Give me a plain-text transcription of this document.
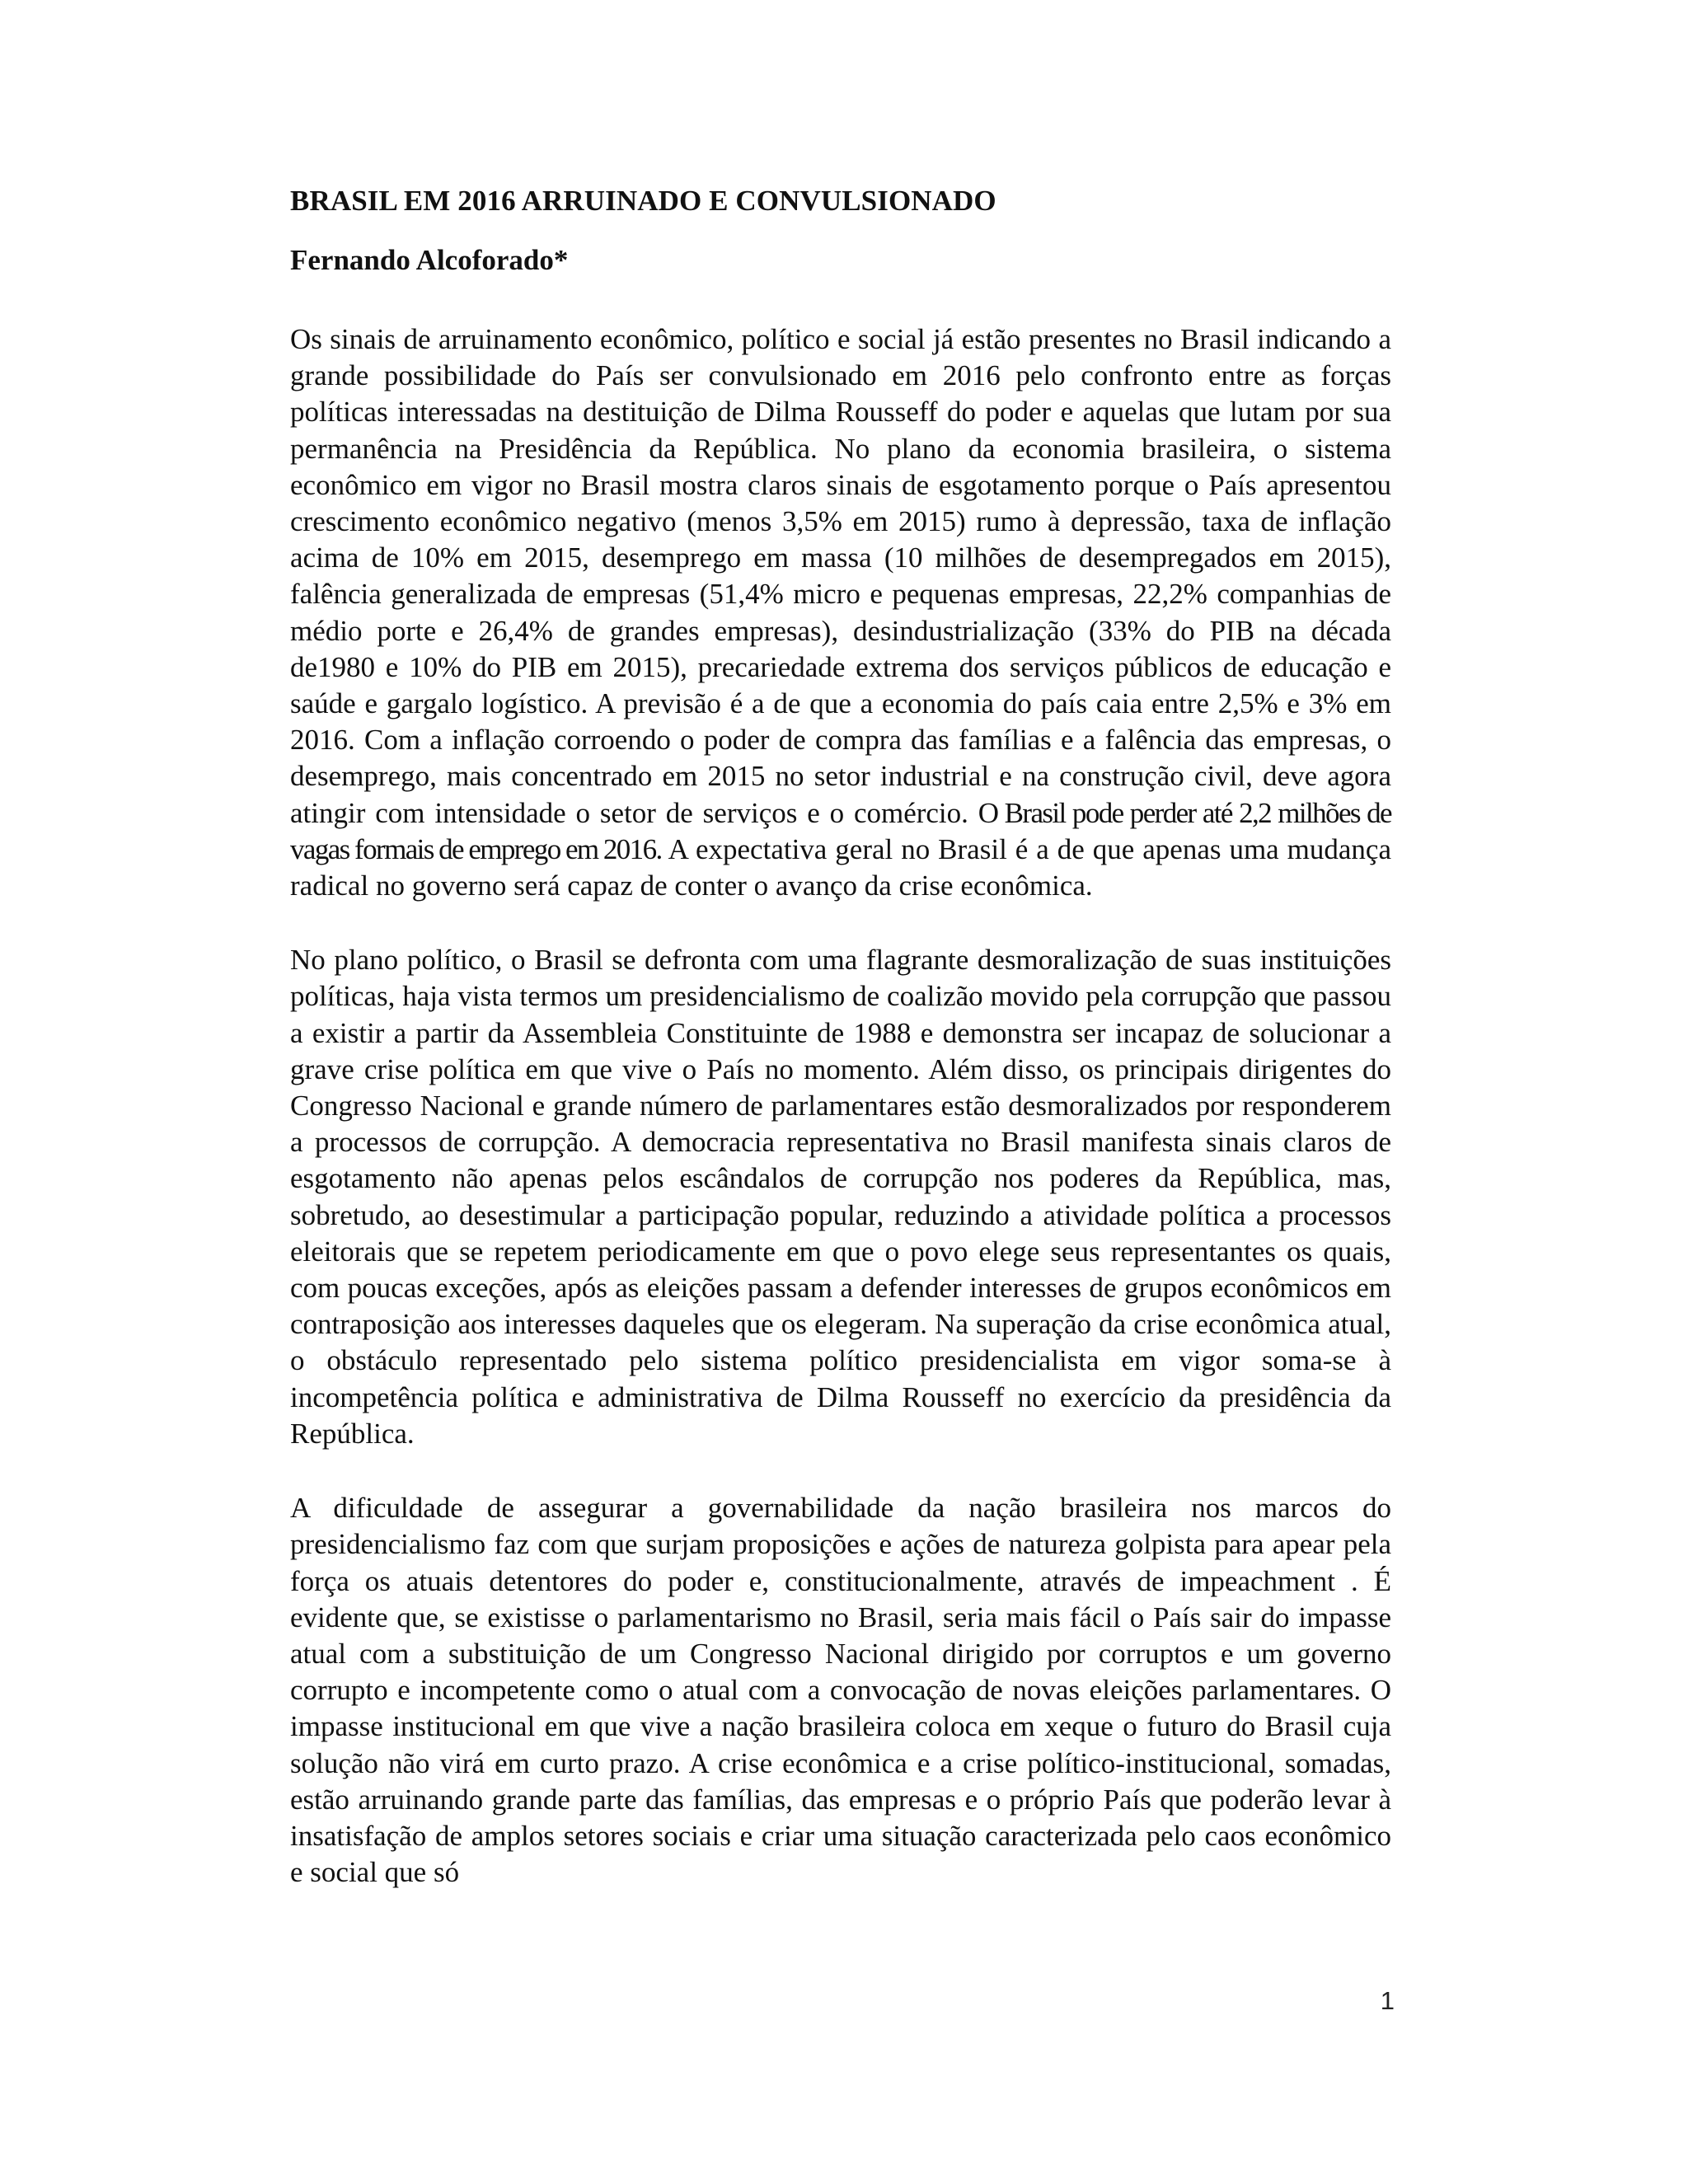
BRASIL EM 2016 ARRUINADO E CONVULSIONADO

Fernando Alcoforado*

Os sinais de arruinamento econômico, político e social já estão presentes no Brasil indicando a grande possibilidade do País ser convulsionado em 2016 pelo confronto entre as forças políticas interessadas na destituição de Dilma Rousseff do poder e aquelas que lutam por sua permanência na Presidência da República. No plano da economia brasileira, o sistema econômico em vigor no Brasil mostra claros sinais de esgotamento porque o País apresentou crescimento econômico negativo (menos 3,5% em 2015) rumo à depressão, taxa de inflação acima de 10% em 2015, desemprego em massa (10 milhões de desempregados em 2015), falência generalizada de empresas (51,4% micro e pequenas empresas, 22,2% companhias de médio porte e 26,4% de grandes empresas), desindustrialização (33% do PIB na década de1980 e 10% do PIB em 2015), precariedade extrema dos serviços públicos de educação e saúde e gargalo logístico. A previsão é a de que a economia do país caia entre 2,5% e 3% em 2016. Com a inflação corroendo o poder de compra das famílias e a falência das empresas, o desemprego, mais concentrado em 2015 no setor industrial e na construção civil, deve agora atingir com intensidade o setor de serviços e o comércio. O Brasil pode perder até 2,2 milhões de vagas formais de emprego em 2016. A expectativa geral no Brasil é a de que apenas uma mudança radical no governo será capaz de conter o avanço da crise econômica.

No plano político, o Brasil se defronta com uma flagrante desmoralização de suas instituições políticas, haja vista termos um presidencialismo de coalizão movido pela corrupção que passou a existir a partir da Assembleia Constituinte de 1988 e demonstra ser incapaz de solucionar a grave crise política em que vive o País no momento. Além disso, os principais dirigentes do Congresso Nacional e grande número de parlamentares estão desmoralizados por responderem a processos de corrupção. A democracia representativa no Brasil manifesta sinais claros de esgotamento não apenas pelos escândalos de corrupção nos poderes da República, mas, sobretudo, ao desestimular a participação popular, reduzindo a atividade política a processos eleitorais que se repetem periodicamente em que o povo elege seus representantes os quais, com poucas exceções, após as eleições passam a defender interesses de grupos econômicos em contraposição aos interesses daqueles que os elegeram. Na superação da crise econômica atual, o obstáculo representado pelo sistema político presidencialista em vigor soma-se à incompetência política e administrativa de Dilma Rousseff no exercício da presidência da República.

A dificuldade de assegurar a governabilidade da nação brasileira nos marcos do presidencialismo faz com que surjam proposições e ações de natureza golpista para apear pela força os atuais detentores do poder e, constitucionalmente, através de impeachment . É evidente que, se existisse o parlamentarismo no Brasil, seria mais fácil o País sair do impasse atual com a substituição de um Congresso Nacional dirigido por corruptos e um governo corrupto e incompetente como o atual com a convocação de novas eleições parlamentares. O impasse institucional em que vive a nação brasileira coloca em xeque o futuro do Brasil cuja solução não virá em curto prazo. A crise econômica e a crise político-institucional, somadas, estão arruinando grande parte das famílias, das empresas e o próprio País que poderão levar à insatisfação de amplos setores sociais e criar uma situação caracterizada pelo caos econômico e social que só

1
